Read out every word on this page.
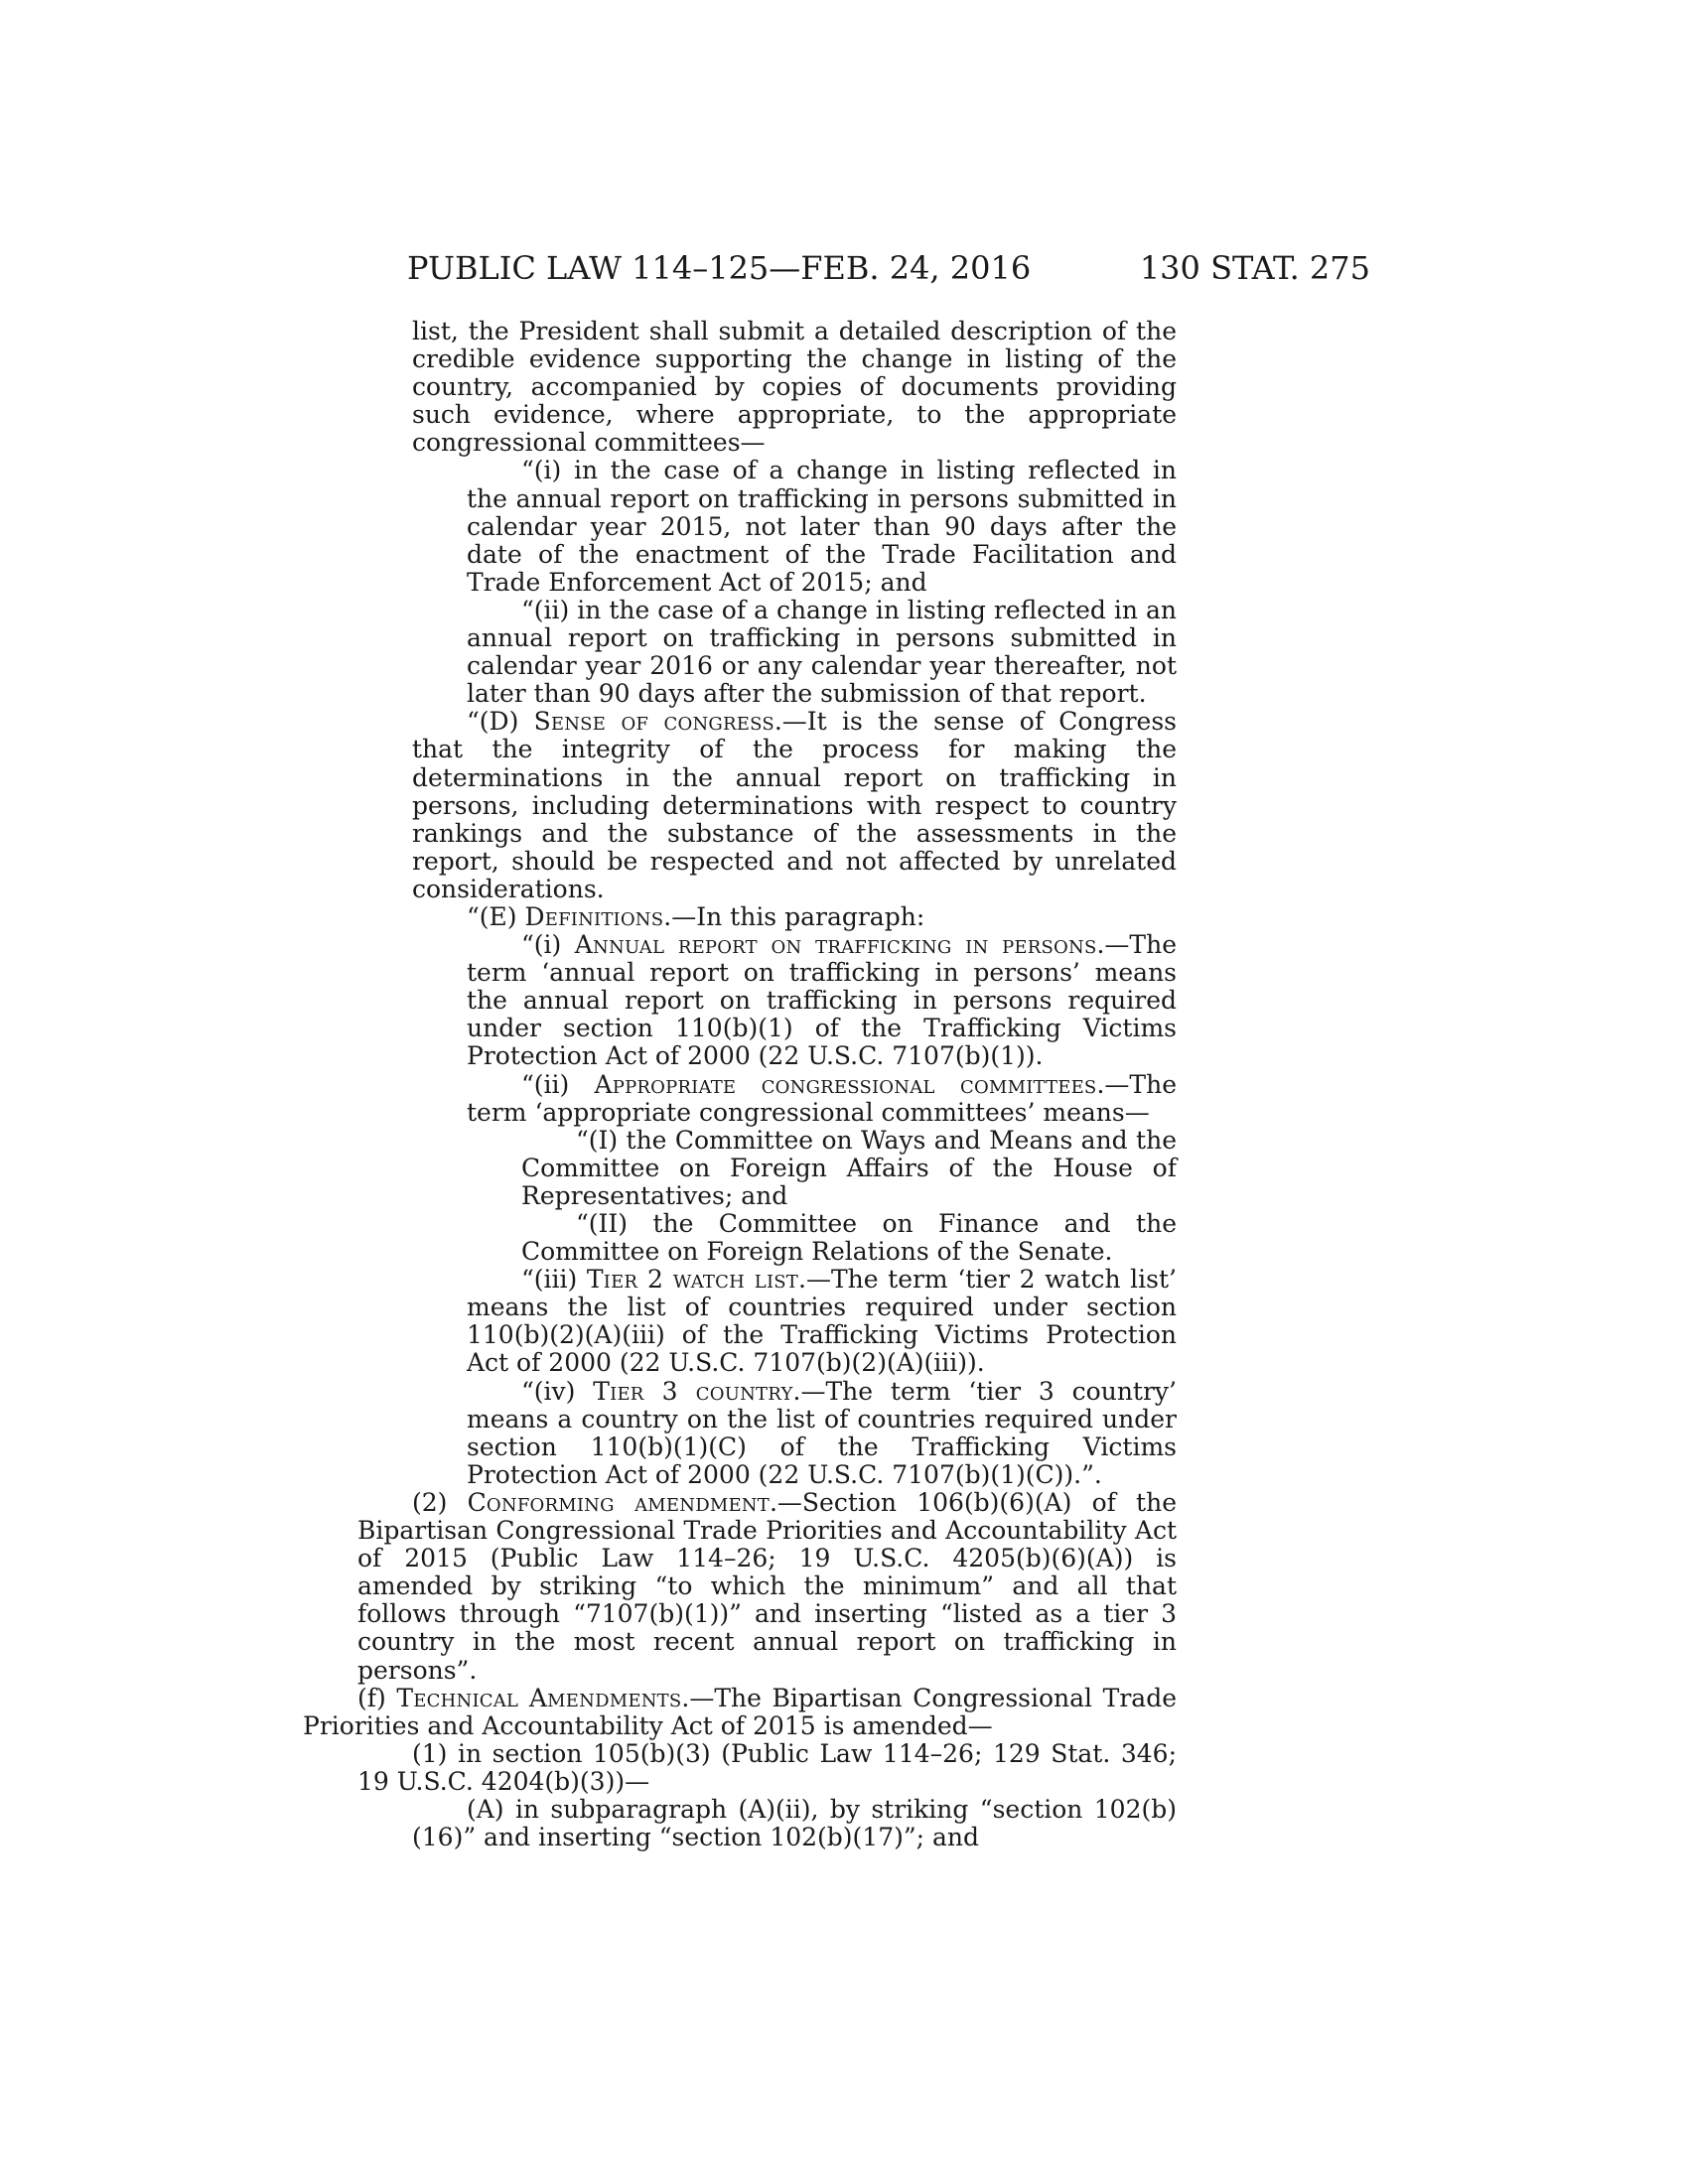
PUBLIC LAW 114–125—FEB. 24, 2016	130 STAT. 275
list, the President shall submit a detailed description of the credible evidence supporting the change in listing of the country, accompanied by copies of documents providing such evidence, where appropriate, to the appropriate congressional committees—
“(i) in the case of a change in listing reflected in the annual report on trafficking in persons submitted in calendar year 2015, not later than 90 days after the date of the enactment of the Trade Facilitation and Trade Enforcement Act of 2015; and
“(ii) in the case of a change in listing reflected in an annual report on trafficking in persons submitted in calendar year 2016 or any calendar year thereafter, not later than 90 days after the submission of that report.
“(D) Sense of congress.—It is the sense of Congress that the integrity of the process for making the determinations in the annual report on trafficking in persons, including determinations with respect to country rankings and the substance of the assessments in the report, should be respected and not affected by unrelated considerations.
“(E) Definitions.—In this paragraph:
“(i) Annual report on trafficking in persons.—The term ‘annual report on trafficking in persons’ means the annual report on trafficking in persons required under section 110(b)(1) of the Trafficking Victims Protection Act of 2000 (22 U.S.C. 7107(b)(1)).
“(ii) Appropriate congressional committees.—The term ‘appropriate congressional committees’ means—
“(I) the Committee on Ways and Means and the Committee on Foreign Affairs of the House of Representatives; and
“(II) the Committee on Finance and the Committee on Foreign Relations of the Senate.
“(iii) Tier 2 watch list.—The term ‘tier 2 watch list’ means the list of countries required under section 110(b)(2)(A)(iii) of the Trafficking Victims Protection Act of 2000 (22 U.S.C. 7107(b)(2)(A)(iii)).
“(iv) Tier 3 country.—The term ‘tier 3 country’ means a country on the list of countries required under section 110(b)(1)(C) of the Trafficking Victims Protection Act of 2000 (22 U.S.C. 7107(b)(1)(C)).”.
(2) Conforming amendment.—Section 106(b)(6)(A) of the Bipartisan Congressional Trade Priorities and Accountability Act of 2015 (Public Law 114–26; 19 U.S.C. 4205(b)(6)(A)) is amended by striking “to which the minimum” and all that follows through “7107(b)(1))” and inserting “listed as a tier 3 country in the most recent annual report on trafficking in persons”.
(f) Technical Amendments.—The Bipartisan Congressional Trade Priorities and Accountability Act of 2015 is amended—
(1) in section 105(b)(3) (Public Law 114–26; 129 Stat. 346; 19 U.S.C. 4204(b)(3))—
(A) in subparagraph (A)(ii), by striking “section 102(b)(16)” and inserting “section 102(b)(17)”; and
